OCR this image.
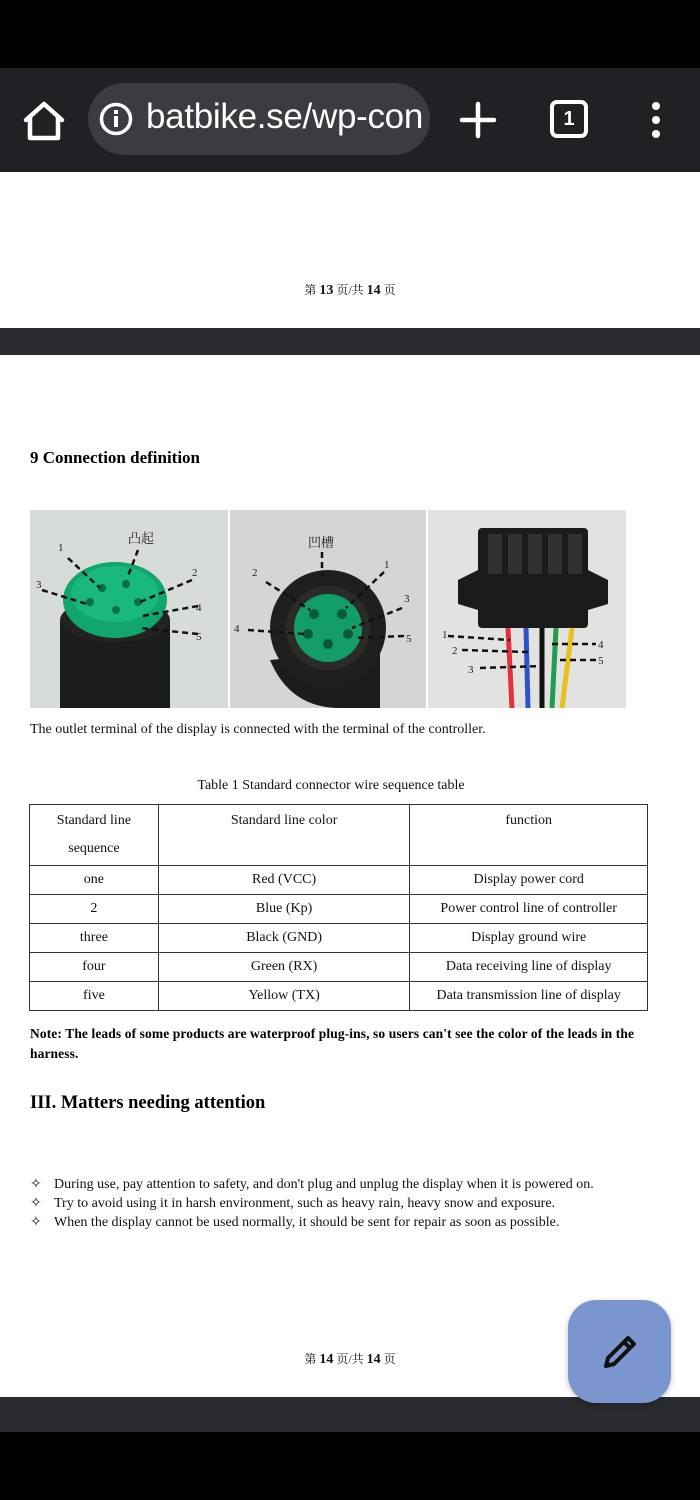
batbike.se/wp-con	1
第 13 页/共 14 页
9 Connection definition
凸起
1
2
3
4
5
凹槽
1
2
3
4
5	1
2
3
4
5
The outlet terminal of the display is connected with the terminal of the controller.
Table 1 Standard connector wire sequence table
Standard line sequence	Standard line color	function
one	Red (VCC)	Display power cord
2	Blue (Kp)	Power control line of controller
three	Black (GND)	Display ground wire
four	Green (RX)	Data receiving line of display
five	Yellow (TX)	Data transmission line of display
Note: The leads of some products are waterproof plug-ins, so users can't see the color of the leads in the harness.
III. Matters needing attention
✧ During use, pay attention to safety, and don't plug and unplug the display when it is powered on.
✧ Try to avoid using it in harsh environment, such as heavy rain, heavy snow and exposure.
✧ When the display cannot be used normally, it should be sent for repair as soon as possible.
第 14 页/共 14 页
